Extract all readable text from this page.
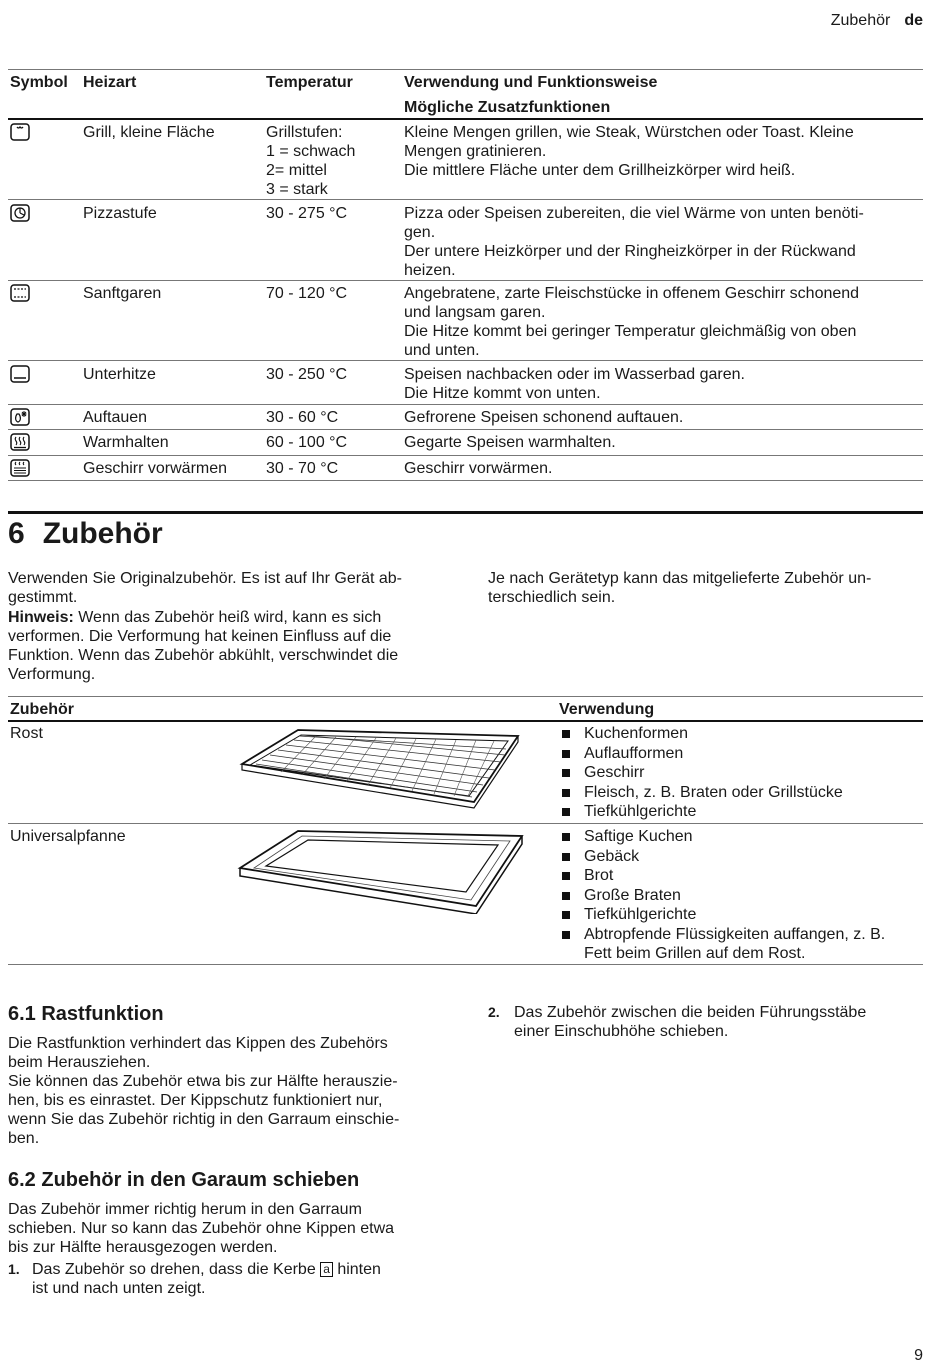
Zubehör de
Symbol Heizart	Temperatur	Verwendung und Funktionsweise
Mögliche Zusatzfunktionen
Grill, kleine Fläche	Grillstufen:
1 = schwach
2= mittel
3 = stark
Kleine Mengen grillen, wie Steak, Würstchen oder Toast. Kleine
Mengen gratinieren.
Die mittlere Fläche unter dem Grillheizkörper wird heiß.
Pizzastufe	30 - 275 °C	Pizza oder Speisen zubereiten, die viel Wärme von unten benöti-
gen.
Der untere Heizkörper und der Ringheizkörper in der Rückwand
heizen.
Sanftgaren	70 - 120 °C	Angebratene, zarte Fleischstücke in offenem Geschirr schonend
und langsam garen.
Die Hitze kommt bei geringer Temperatur gleichmäßig von oben
und unten.
Unterhitze	30 - 250 °C	Speisen nachbacken oder im Wasserbad garen.
Die Hitze kommt von unten.
Auftauen	30 - 60 °C	Gefrorene Speisen schonend auftauen.
Warmhalten	60 - 100 °C	Gegarte Speisen warmhalten.
Geschirr vorwärmen 30 - 70 °C	Geschirr vorwärmen.
6 Zubehör
Verwenden Sie Originalzubehör. Es ist auf Ihr Gerät ab-
gestimmt.
Hinweis: Wenn das Zubehör heiß wird, kann es sich
verformen. Die Verformung hat keinen Einfluss auf die
Funktion. Wenn das Zubehör abkühlt, verschwindet die
Verformung.
Je nach Gerätetyp kann das mitgelieferte Zubehör un-
terschiedlich sein.
Zubehör	Verwendung
Rost	Kuchenformen
Auflaufformen
Geschirr
Fleisch, z. B. Braten oder Grillstücke
Tiefkühlgerichte
Universalpfanne	Saftige Kuchen
Gebäck
Brot
Große Braten
Tiefkühlgerichte
Abtropfende Flüssigkeiten auffangen, z. B.
Fett beim Grillen auf dem Rost.
6.1 Rastfunktion
Die Rastfunktion verhindert das Kippen des Zubehörs
beim Herausziehen.
Sie können das Zubehör etwa bis zur Hälfte herauszie-
hen, bis es einrastet. Der Kippschutz funktioniert nur,
wenn Sie das Zubehör richtig in den Garraum einschie-
ben.
6.2 Zubehör in den Garaum schieben
Das Zubehör immer richtig herum in den Garraum
schieben. Nur so kann das Zubehör ohne Kippen etwa
bis zur Hälfte herausgezogen werden.
1. Das Zubehör so drehen, dass die Kerbe a hinten
ist und nach unten zeigt.
2. Das Zubehör zwischen die beiden Führungsstäbe
einer Einschubhöhe schieben.
9
